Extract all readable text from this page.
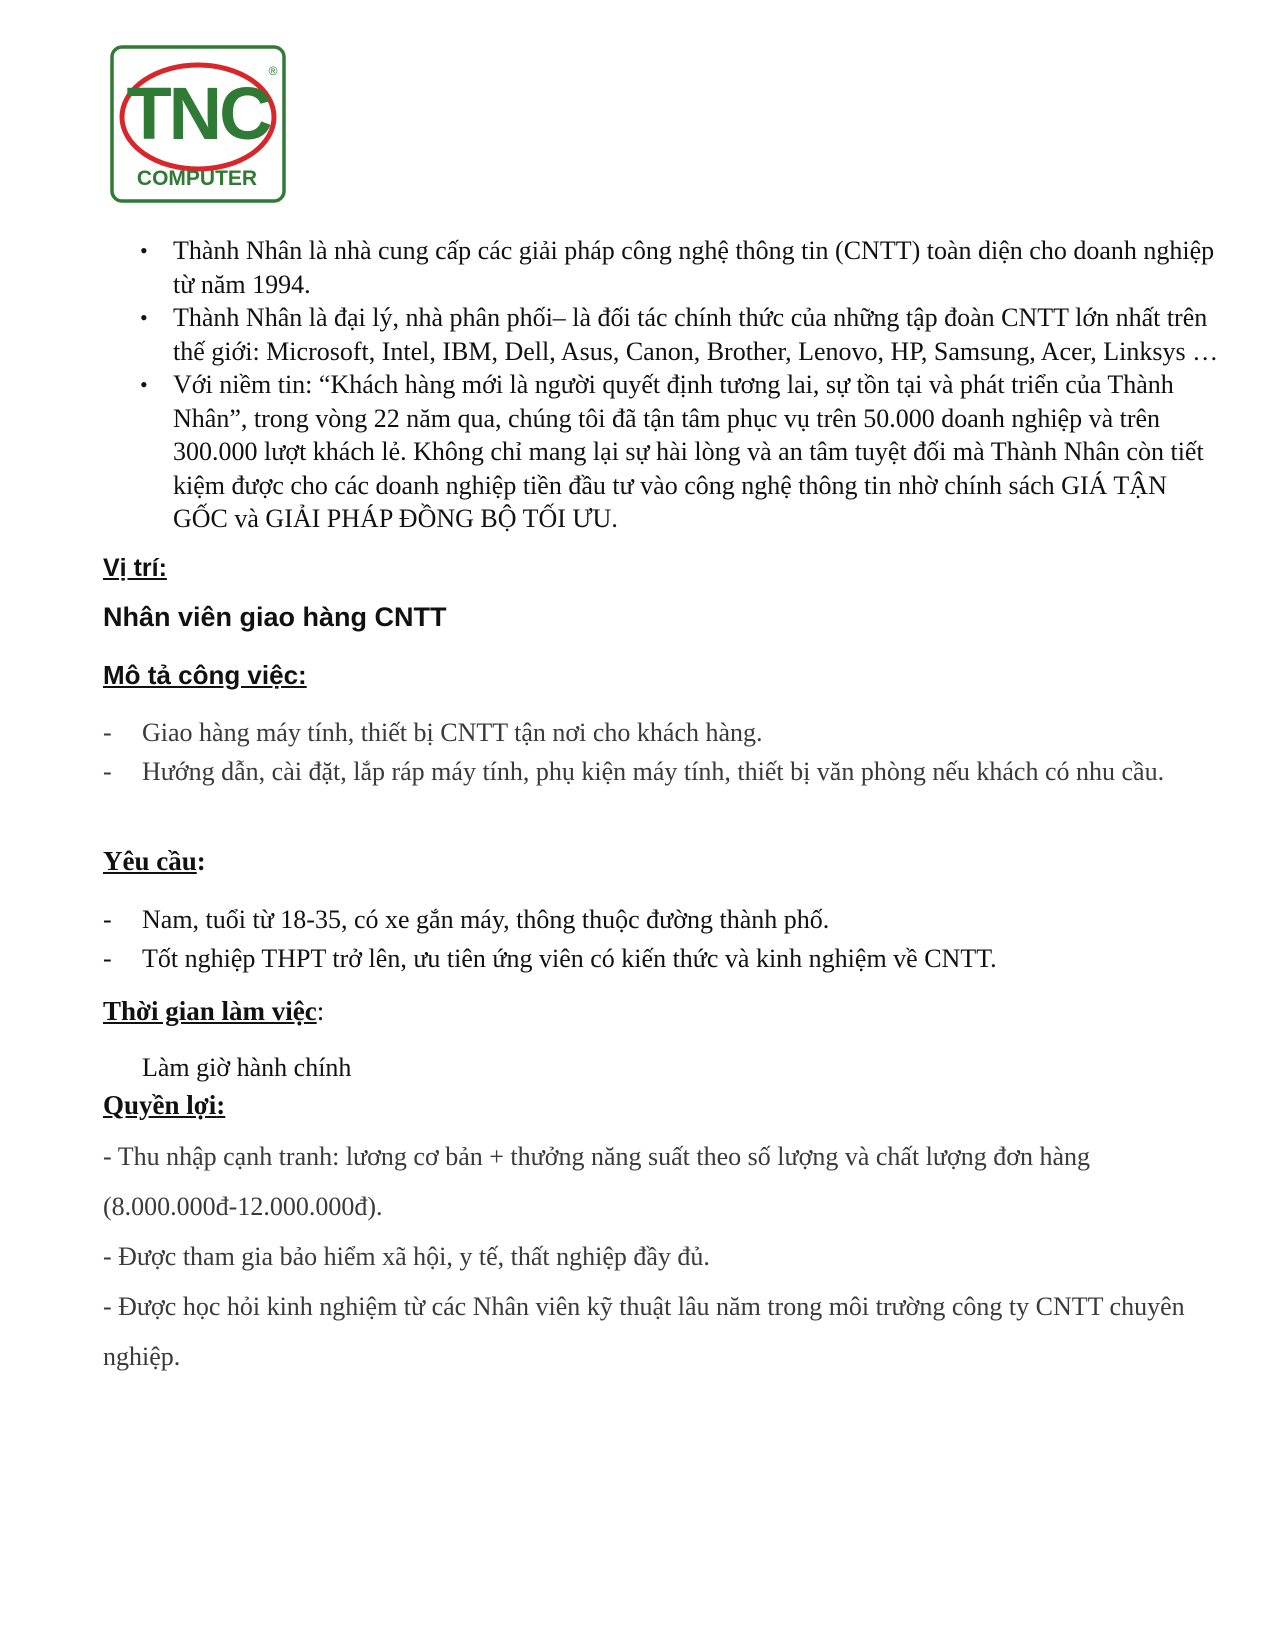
TNC
®
COMPUTER
• Thành Nhân là nhà cung cấp các giải pháp công nghệ thông tin (CNTT) toàn diện cho doanh nghiệp từ năm 1994.
• Thành Nhân là đại lý, nhà phân phối– là đối tác chính thức của những tập đoàn CNTT lớn nhất trên thế giới: Microsoft, Intel, IBM, Dell, Asus, Canon, Brother, Lenovo, HP, Samsung, Acer, Linksys …
• Với niềm tin: “Khách hàng mới là người quyết định tương lai, sự tồn tại và phát triển của Thành Nhân”, trong vòng 22 năm qua, chúng tôi đã tận tâm phục vụ trên 50.000 doanh nghiệp và trên 300.000 lượt khách lẻ. Không chỉ mang lại sự hài lòng và an tâm tuyệt đối mà Thành Nhân còn tiết kiệm được cho các doanh nghiệp tiền đầu tư vào công nghệ thông tin nhờ chính sách GIÁ TẬN GỐC và GIẢI PHÁP ĐỒNG BỘ TỐI ƯU.
Vị trí:
Nhân viên giao hàng CNTT
Mô tả công việc:
- Giao hàng máy tính, thiết bị CNTT tận nơi cho khách hàng.
- Hướng dẫn, cài đặt, lắp ráp máy tính, phụ kiện máy tính, thiết bị văn phòng nếu khách có nhu cầu.
Yêu cầu:
- Nam, tuổi từ 18-35, có xe gắn máy, thông thuộc đường thành phố.
- Tốt nghiệp THPT trở lên, ưu tiên ứng viên có kiến thức và kinh nghiệm về CNTT.
Thời gian làm việc:

Làm giờ hành chính

Quyền lợi:

- Thu nhập cạnh tranh: lương cơ bản + thưởng năng suất theo số lượng và chất lượng đơn hàng (8.000.000đ-12.000.000đ).

- Được tham gia bảo hiểm xã hội, y tế, thất nghiệp đầy đủ.

- Được học hỏi kinh nghiệm từ các Nhân viên kỹ thuật lâu năm trong môi trường công ty CNTT chuyên nghiệp.
